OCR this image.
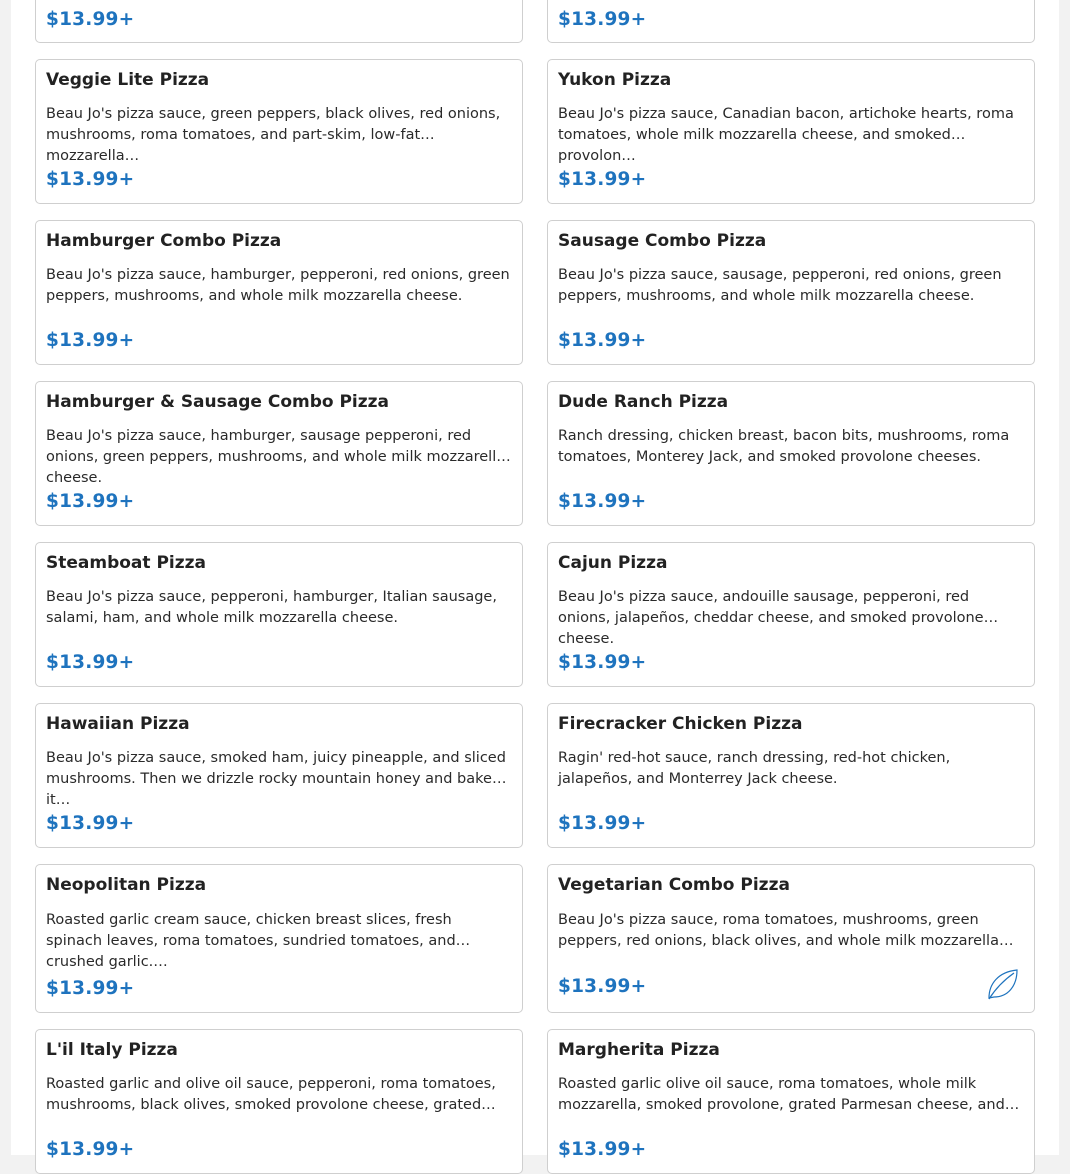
$13.99+	$13.99+
Veggie Lite Pizza
Beau Jo's pizza sauce, green peppers, black olives, red onions, mushrooms, roma tomatoes, and part-skim, low-fat mozzarella…
$13.99+
Yukon Pizza
Beau Jo's pizza sauce, Canadian bacon, artichoke hearts, roma tomatoes, whole milk mozzarella cheese, and smoked provolon…
$13.99+
Hamburger Combo Pizza
Beau Jo's pizza sauce, hamburger, pepperoni, red onions, green peppers, mushrooms, and whole milk mozzarella cheese.
$13.99+
Sausage Combo Pizza
Beau Jo's pizza sauce, sausage, pepperoni, red onions, green peppers, mushrooms, and whole milk mozzarella cheese.
$13.99+
Hamburger & Sausage Combo Pizza
Beau Jo's pizza sauce, hamburger, sausage pepperoni, red onions, green peppers, mushrooms, and whole milk mozzarella cheese.
$13.99+
Dude Ranch Pizza
Ranch dressing, chicken breast, bacon bits, mushrooms, roma tomatoes, Monterey Jack, and smoked provolone cheeses.
$13.99+
Steamboat Pizza
Beau Jo's pizza sauce, pepperoni, hamburger, Italian sausage, salami, ham, and whole milk mozzarella cheese.
$13.99+
Cajun Pizza
Beau Jo's pizza sauce, andouille sausage, pepperoni, red onions, jalapeños, cheddar cheese, and smoked provolone cheese.
$13.99+
Hawaiian Pizza
Beau Jo's pizza sauce, smoked ham, juicy pineapple, and sliced mushrooms. Then we drizzle rocky mountain honey and bake it…
$13.99+
Firecracker Chicken Pizza
Ragin' red-hot sauce, ranch dressing, red-hot chicken, jalapeños, and Monterrey Jack cheese.
$13.99+
Neopolitan Pizza
Roasted garlic cream sauce, chicken breast slices, fresh spinach leaves, roma tomatoes, sundried tomatoes, and crushed garlic.…
$13.99+
Vegetarian Combo Pizza
Beau Jo's pizza sauce, roma tomatoes, mushrooms, green peppers, red onions, black olives, and whole milk mozzarella…
$13.99+
L'il Italy Pizza
Roasted garlic and olive oil sauce, pepperoni, roma tomatoes, mushrooms, black olives, smoked provolone cheese, grated…
$13.99+
Margherita Pizza
Roasted garlic olive oil sauce, roma tomatoes, whole milk mozzarella, smoked provolone, grated Parmesan cheese, and…
$13.99+
